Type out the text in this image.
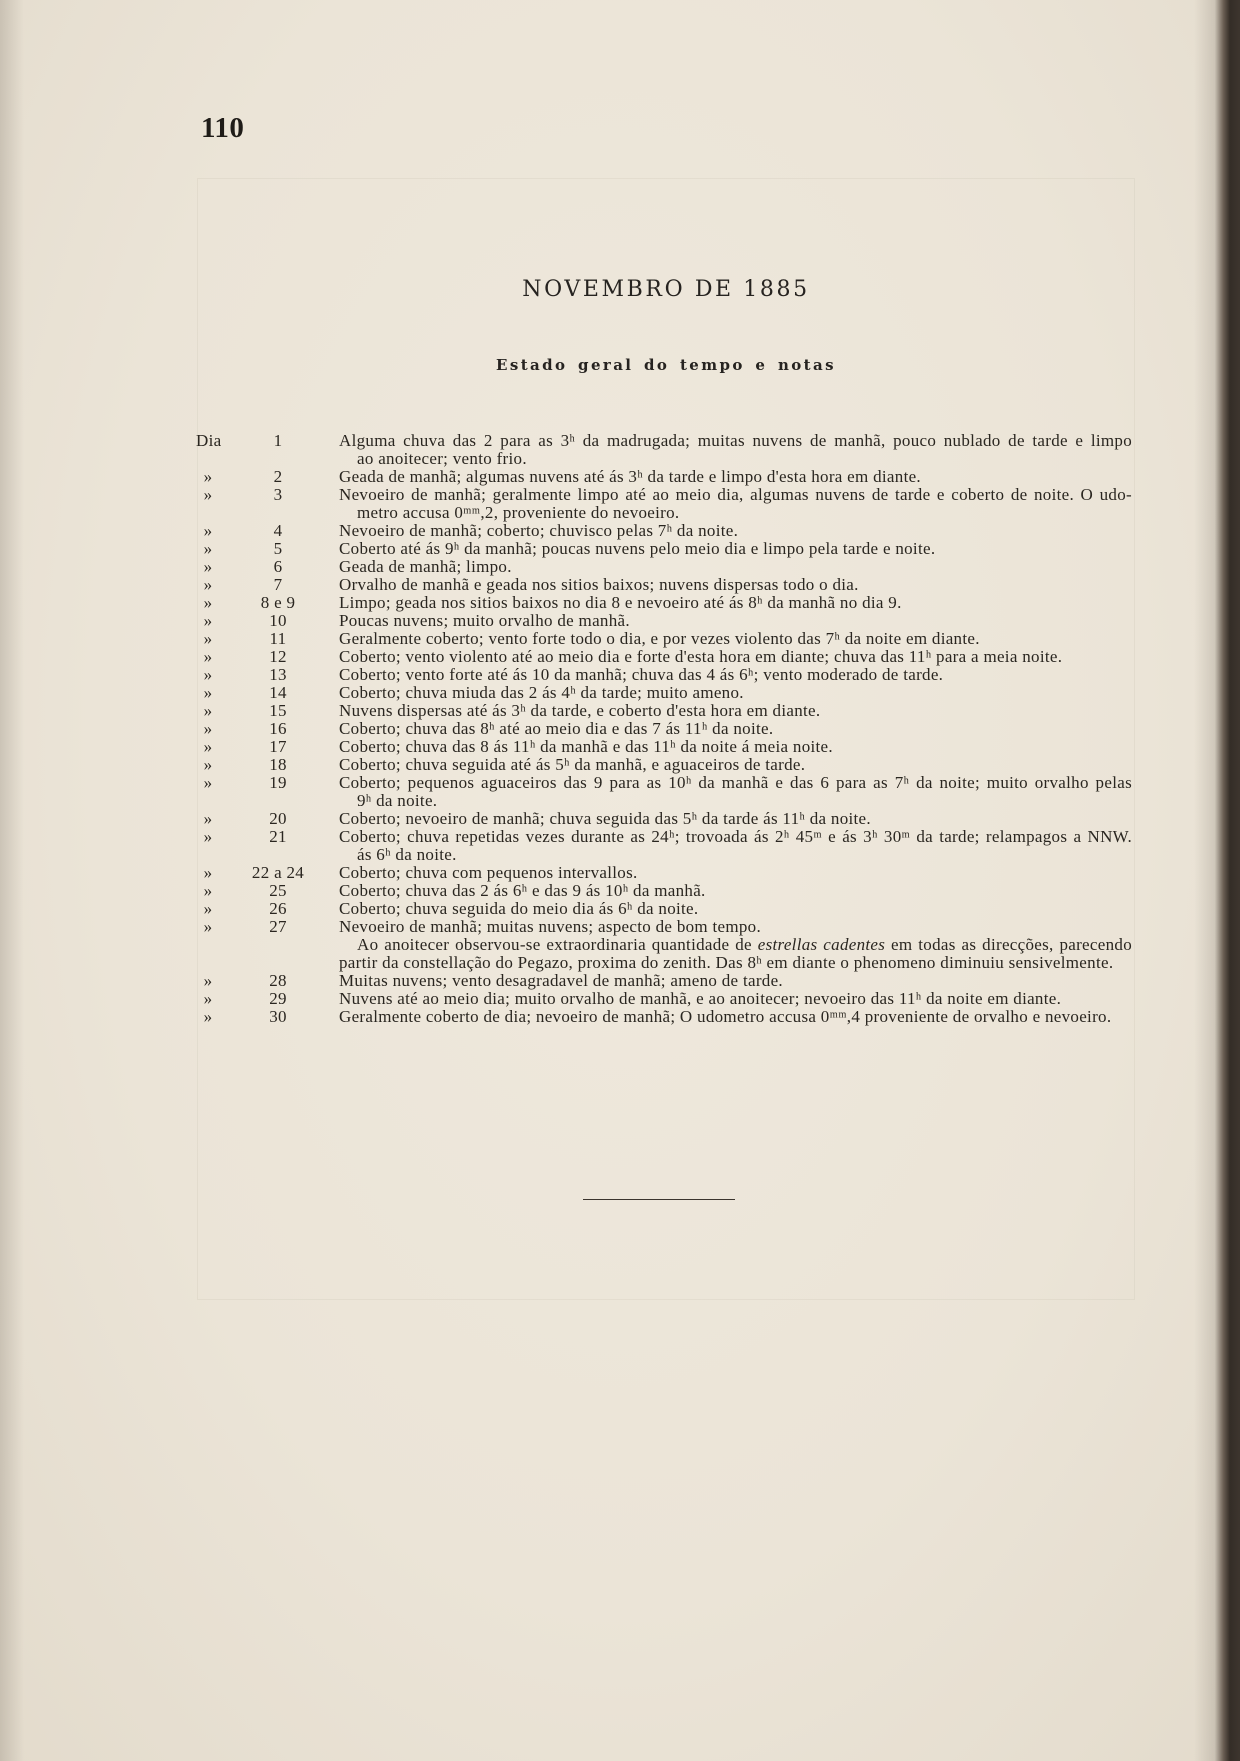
110
NOVEMBRO DE 1885
Estado geral do tempo e notas
Dia	1	Alguma chuva das 2 para as 3ʰ da madrugada; muitas nuvens de manhã, pouco nublado de tarde e limpo
ao anoitecer; vento frio.
»	2	Geada de manhã; algumas nuvens até ás 3ʰ da tarde e limpo d'esta hora em diante.
»	3	Nevoeiro de manhã; geralmente limpo até ao meio dia, algumas nuvens de tarde e coberto de noite. O udo-
metro accusa 0ᵐᵐ,2, proveniente do nevoeiro.
»	4	Nevoeiro de manhã; coberto; chuvisco pelas 7ʰ da noite.
»	5	Coberto até ás 9ʰ da manhã; poucas nuvens pelo meio dia e limpo pela tarde e noite.
»	6	Geada de manhã; limpo.
»	7	Orvalho de manhã e geada nos sitios baixos; nuvens dispersas todo o dia.
»	8 e 9	Limpo; geada nos sitios baixos no dia 8 e nevoeiro até ás 8ʰ da manhã no dia 9.
»	10	Poucas nuvens; muito orvalho de manhã.
»	11	Geralmente coberto; vento forte todo o dia, e por vezes violento das 7ʰ da noite em diante.
»	12	Coberto; vento violento até ao meio dia e forte d'esta hora em diante; chuva das 11ʰ para a meia noite.
»	13	Coberto; vento forte até ás 10 da manhã; chuva das 4 ás 6ʰ; vento moderado de tarde.
»	14	Coberto; chuva miuda das 2 ás 4ʰ da tarde; muito ameno.
»	15	Nuvens dispersas até ás 3ʰ da tarde, e coberto d'esta hora em diante.
»	16	Coberto; chuva das 8ʰ até ao meio dia e das 7 ás 11ʰ da noite.
»	17	Coberto; chuva das 8 ás 11ʰ da manhã e das 11ʰ da noite á meia noite.
»	18	Coberto; chuva seguida até ás 5ʰ da manhã, e aguaceiros de tarde.
»	19	Coberto; pequenos aguaceiros das 9 para as 10ʰ da manhã e das 6 para as 7ʰ da noite; muito orvalho pelas
9ʰ da noite.
»	20	Coberto; nevoeiro de manhã; chuva seguida das 5ʰ da tarde ás 11ʰ da noite.
»	21	Coberto; chuva repetidas vezes durante as 24ʰ; trovoada ás 2ʰ 45ᵐ e ás 3ʰ 30ᵐ da tarde; relampagos a NNW.
ás 6ʰ da noite.
»	22 a 24	Coberto; chuva com pequenos intervallos.
»	25	Coberto; chuva das 2 ás 6ʰ e das 9 ás 10ʰ da manhã.
»	26	Coberto; chuva seguida do meio dia ás 6ʰ da noite.
»	27	Nevoeiro de manhã; muitas nuvens; aspecto de bom tempo.
Ao anoitecer observou-se extraordinaria quantidade de estrellas cadentes em todas as direcções, parecendo
partir da constellação do Pegazo, proxima do zenith. Das 8ʰ em diante o phenomeno diminuiu sensivelmente.
»	28	Muitas nuvens; vento desagradavel de manhã; ameno de tarde.
»	29	Nuvens até ao meio dia; muito orvalho de manhã, e ao anoitecer; nevoeiro das 11ʰ da noite em diante.
»	30	Geralmente coberto de dia; nevoeiro de manhã; O udometro accusa 0ᵐᵐ,4 proveniente de orvalho e nevoeiro.
